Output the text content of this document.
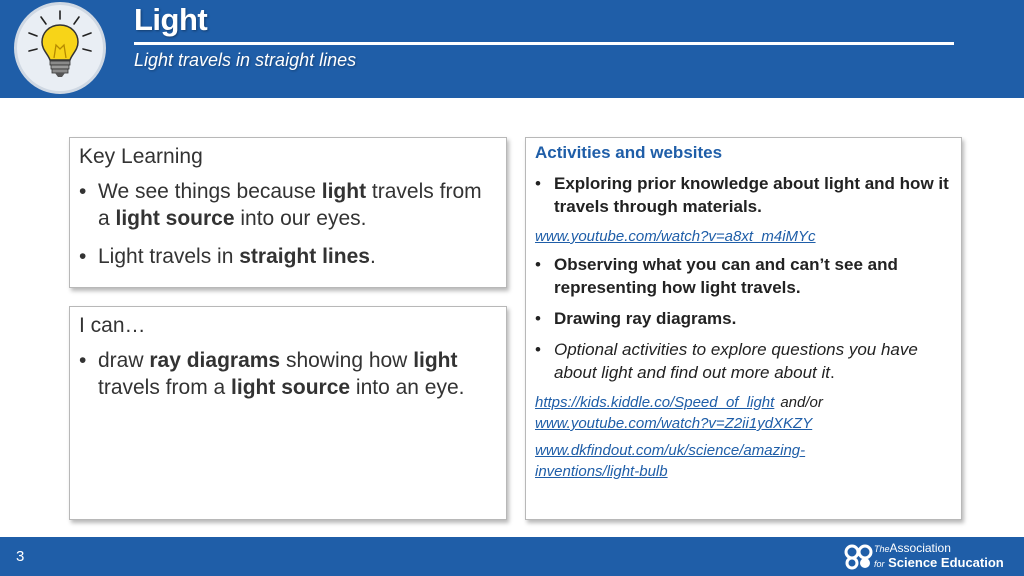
Light
Light travels in straight lines
Key Learning
• We see things because light travels from a light source into our eyes.
• Light travels in straight lines.
I can…
• draw ray diagrams showing how light travels from a light source into an eye.
Activities and websites
• Exploring prior knowledge about light and how it travels through materials.
www.youtube.com/watch?v=a8xt_m4iMYc
• Observing what you can and can’t see and representing how light travels.
• Drawing ray diagrams.
• Optional activities to explore questions you have about light and find out more about it.
https://kids.kiddle.co/Speed_of_light and/or
www.youtube.com/watch?v=Z2ii1ydXKZY
www.dkfindout.com/uk/science/amazing-inventions/light-bulb
3	TheAssociation
for Science Education
